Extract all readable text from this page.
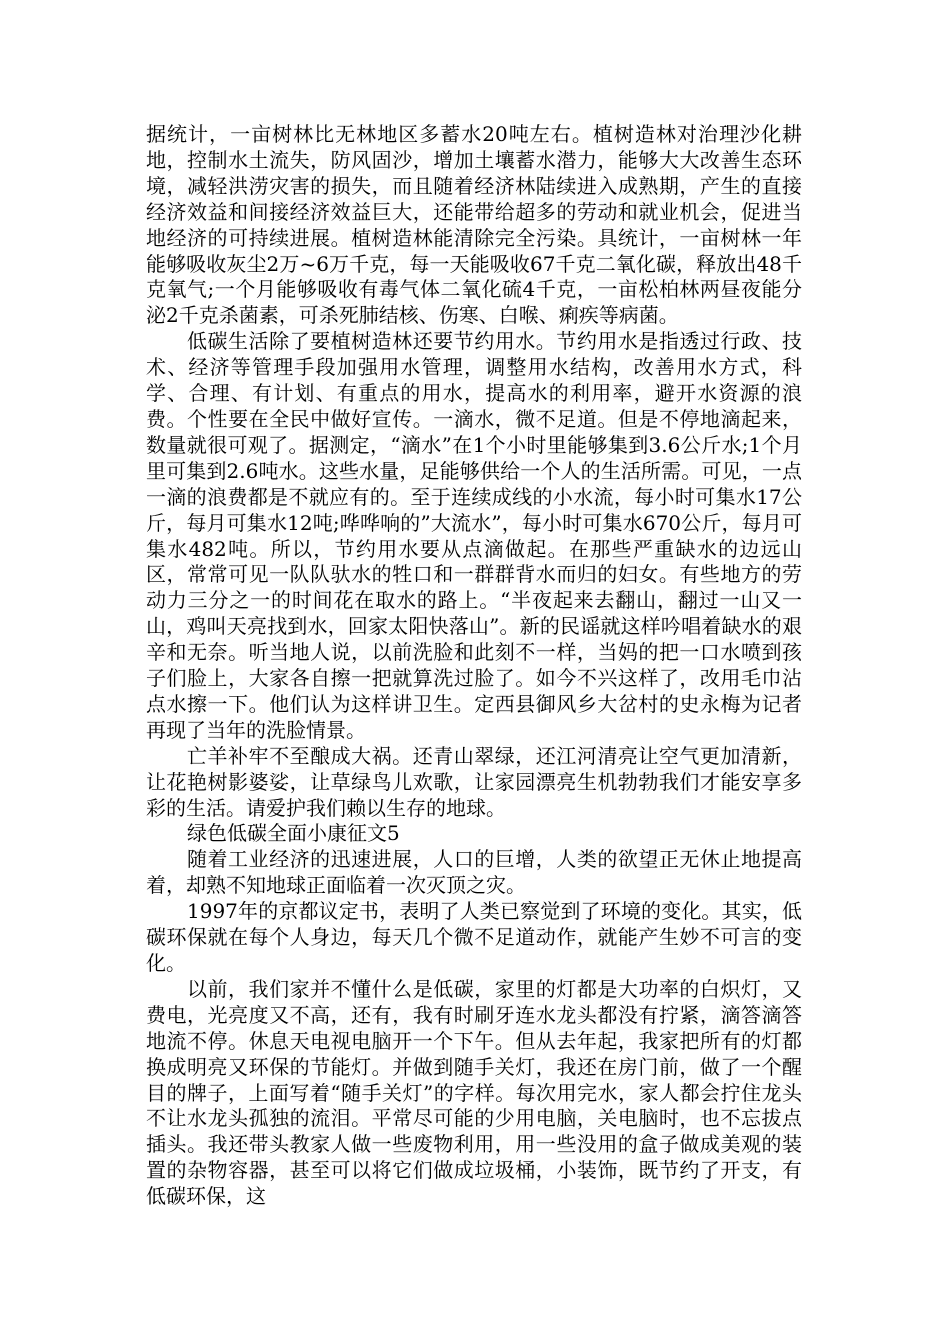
据统计，一亩树林比无林地区多蓄水20吨左右。植树造林对治理沙化耕地，控制水土流失，防风固沙，增加土壤蓄水潜力，能够大大改善生态环境，减轻洪涝灾害的损失，而且随着经济林陆续进入成熟期，产生的直接经济效益和间接经济效益巨大，还能带给超多的劳动和就业机会，促进当地经济的可持续进展。植树造林能清除完全污染。具统计，一亩树林一年能够吸收灰尘2万~6万千克，每一天能吸收67千克二氧化碳，释放出48千克氧气;一个月能够吸收有毒气体二氧化硫4千克，一亩松柏林两昼夜能分泌2千克杀菌素，可杀死肺结核、伤寒、白喉、痢疾等病菌。

低碳生活除了要植树造林还要节约用水。节约用水是指透过行政、技术、经济等管理手段加强用水管理，调整用水结构，改善用水方式，科学、合理、有计划、有重点的用水，提高水的利用率，避开水资源的浪费。个性要在全民中做好宣传。一滴水，微不足道。但是不停地滴起来，数量就很可观了。据测定，“滴水”在1个小时里能够集到3.6公斤水;1个月里可集到2.6吨水。这些水量，足能够供给一个人的生活所需。可见，一点一滴的浪费都是不就应有的。至于连续成线的小水流，每小时可集水17公斤，每月可集水12吨;哗哗响的”大流水”，每小时可集水670公斤，每月可集水482吨。所以，节约用水要从点滴做起。在那些严重缺水的边远山区，常常可见一队队驮水的牲口和一群群背水而归的妇女。有些地方的劳动力三分之一的时间花在取水的路上。“半夜起来去翻山，翻过一山又一山，鸡叫天亮找到水，回家太阳快落山”。新的民谣就这样吟唱着缺水的艰辛和无奈。听当地人说，以前洗脸和此刻不一样，当妈的把一口水喷到孩子们脸上，大家各自擦一把就算洗过脸了。如今不兴这样了，改用毛巾沾点水擦一下。他们认为这样讲卫生。定西县御风乡大岔村的史永梅为记者再现了当年的洗脸情景。

亡羊补牢不至酿成大祸。还青山翠绿，还江河清亮让空气更加清新，让花艳树影婆娑，让草绿鸟儿欢歌，让家园漂亮生机勃勃我们才能安享多彩的生活。请爱护我们赖以生存的地球。

绿色低碳全面小康征文5

随着工业经济的迅速进展，人口的巨增，人类的欲望正无休止地提高着，却熟不知地球正面临着一次灭顶之灾。

1997年的京都议定书，表明了人类已察觉到了环境的变化。其实，低碳环保就在每个人身边，每天几个微不足道动作，就能产生妙不可言的变化。

以前，我们家并不懂什么是低碳，家里的灯都是大功率的白炽灯，又费电，光亮度又不高，还有，我有时刷牙连水龙头都没有拧紧，滴答滴答地流不停。休息天电视电脑开一个下午。但从去年起，我家把所有的灯都换成明亮又环保的节能灯。并做到随手关灯，我还在房门前，做了一个醒目的牌子，上面写着“随手关灯”的字样。每次用完水，家人都会拧住龙头不让水龙头孤独的流泪。平常尽可能的少用电脑，关电脑时，也不忘拔点插头。我还带头教家人做一些废物利用，用一些没用的盒子做成美观的装置的杂物容器，甚至可以将它们做成垃圾桶，小装饰，既节约了开支，有低碳环保，这
